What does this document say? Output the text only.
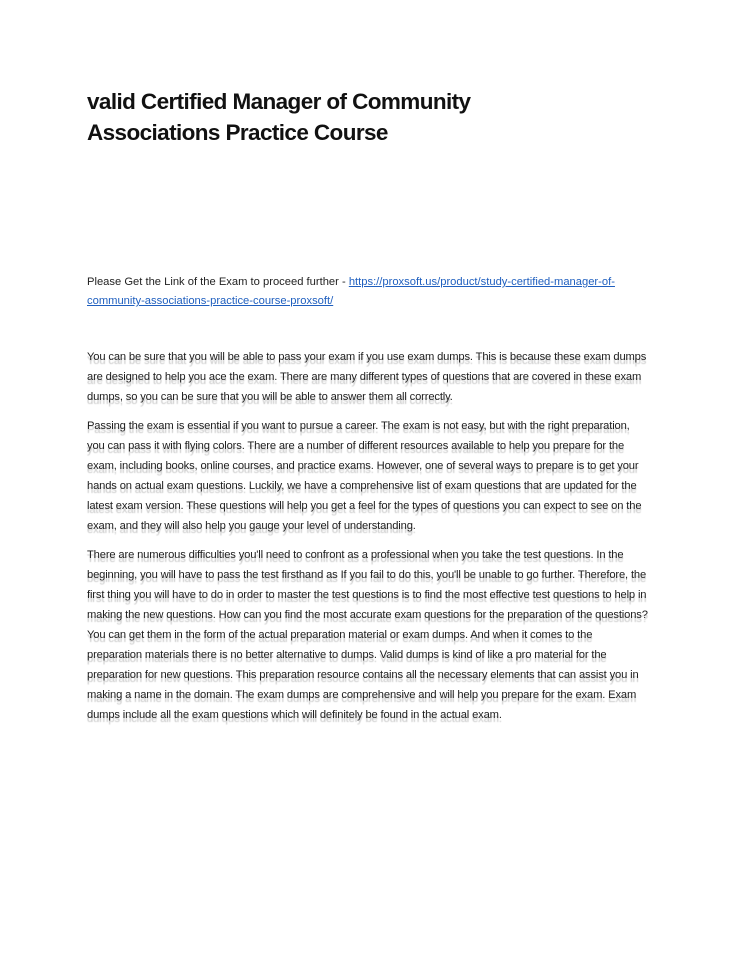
valid Certified Manager of Community Associations Practice Course

Please Get the Link of the Exam to proceed further - https://proxsoft.us/product/study-certified-manager-of-community-associations-practice-course-proxsoft/

You can be sure that you will be able to pass your exam if you use exam dumps. This is because these exam dumps are designed to help you ace the exam. There are many different types of questions that are covered in these exam dumps, so you can be sure that you will be able to answer them all correctly.

Passing the exam is essential if you want to pursue a career. The exam is not easy, but with the right preparation, you can pass it with flying colors. There are a number of different resources available to help you prepare for the exam, including books, online courses, and practice exams. However, one of several ways to prepare is to get your hands on actual exam questions. Luckily, we have a comprehensive list of exam questions that are updated for the latest exam version. These questions will help you get a feel for the types of questions you can expect to see on the exam, and they will also help you gauge your level of understanding.

There are numerous difficulties you'll need to confront as a professional when you take the test questions. In the beginning, you will have to pass the test firsthand as If you fail to do this, you'll be unable to go further. Therefore, the first thing you will have to do in order to master the test questions is to find the most effective test questions to help in making the new questions. How can you find the most accurate exam questions for the preparation of the questions? You can get them in the form of the actual preparation material or exam dumps. And when it comes to the preparation materials there is no better alternative to dumps. Valid dumps is kind of like a pro material for the preparation for new questions. This preparation resource contains all the necessary elements that can assist you in making a name in the domain. The exam dumps are comprehensive and will help you prepare for the exam. Exam dumps include all the exam questions which will definitely be found in the actual exam.
